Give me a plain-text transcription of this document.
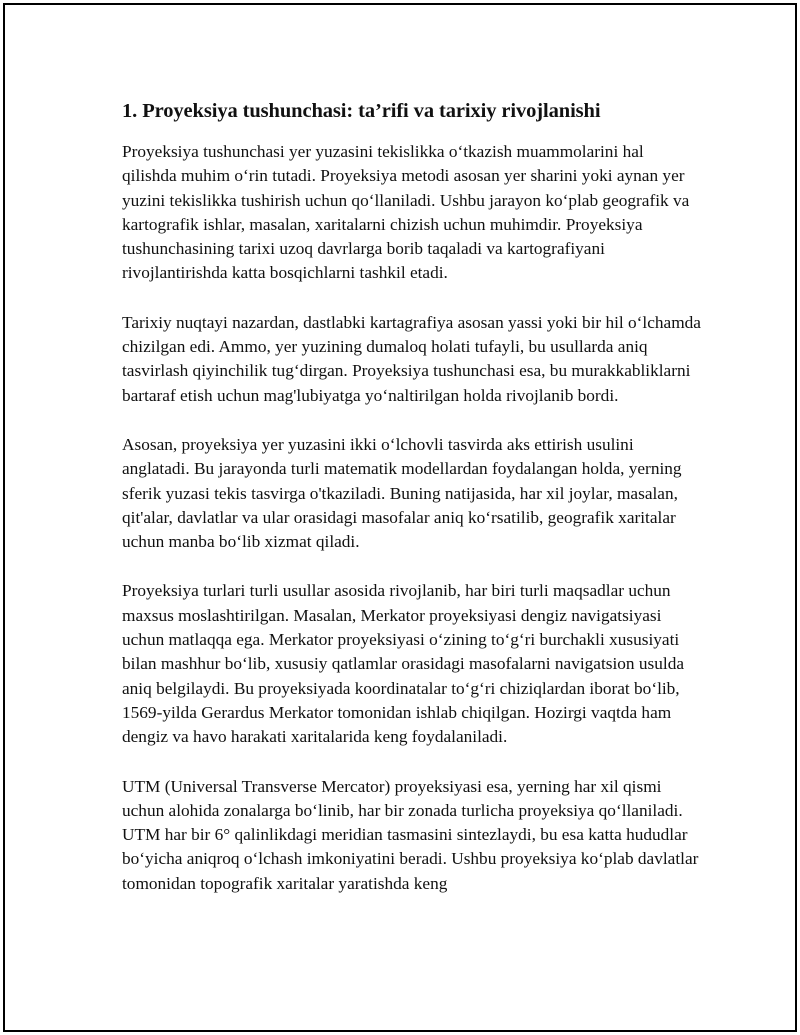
1. Proyeksiya tushunchasi: ta’rifi va tarixiy rivojlanishi

Proyeksiya tushunchasi yer yuzasini tekislikka o‘tkazish muammolarini hal qilishda muhim o‘rin tutadi. Proyeksiya metodi asosan yer sharini yoki aynan yer yuzini tekislikka tushirish uchun qo‘llaniladi. Ushbu jarayon ko‘plab geografik va kartografik ishlar, masalan, xaritalarni chizish uchun muhimdir. Proyeksiya tushunchasining tarixi uzoq davrlarga borib taqaladi va kartografiyani rivojlantirishda katta bosqichlarni tashkil etadi.

Tarixiy nuqtayi nazardan, dastlabki kartagrafiya asosan yassi yoki bir hil o‘lchamda chizilgan edi. Ammo, yer yuzining dumaloq holati tufayli, bu usullarda aniq tasvirlash qiyinchilik tug‘dirgan. Proyeksiya tushunchasi esa, bu murakkabliklarni bartaraf etish uchun mag'lubiyatga yo‘naltirilgan holda rivojlanib bordi.

Asosan, proyeksiya yer yuzasini ikki o‘lchovli tasvirda aks ettirish usulini anglatadi. Bu jarayonda turli matematik modellardan foydalangan holda, yerning sferik yuzasi tekis tasvirga o'tkaziladi. Buning natijasida, har xil joylar, masalan, qit'alar, davlatlar va ular orasidagi masofalar aniq ko‘rsatilib, geografik xaritalar uchun manba bo‘lib xizmat qiladi.

Proyeksiya turlari turli usullar asosida rivojlanib, har biri turli maqsadlar uchun maxsus moslashtirilgan. Masalan, Merkator proyeksiyasi dengiz navigatsiyasi uchun matlaqqa ega. Merkator proyeksiyasi o‘zining to‘g‘ri burchakli xususiyati bilan mashhur bo‘lib, xususiy qatlamlar orasidagi masofalarni navigatsion usulda aniq belgilaydi. Bu proyeksiyada koordinatalar to‘g‘ri chiziqlardan iborat bo‘lib, 1569-yilda Gerardus Merkator tomonidan ishlab chiqilgan. Hozirgi vaqtda ham dengiz va havo harakati xaritalarida keng foydalaniladi.

UTM (Universal Transverse Mercator) proyeksiyasi esa, yerning har xil qismi uchun alohida zonalarga bo‘linib, har bir zonada turlicha proyeksiya qo‘llaniladi. UTM har bir 6° qalinlikdagi meridian tasmasini sintezlaydi, bu esa katta hududlar bo‘yicha aniqroq o‘lchash imkoniyatini beradi. Ushbu proyeksiya ko‘plab davlatlar tomonidan topografik xaritalar yaratishda keng
